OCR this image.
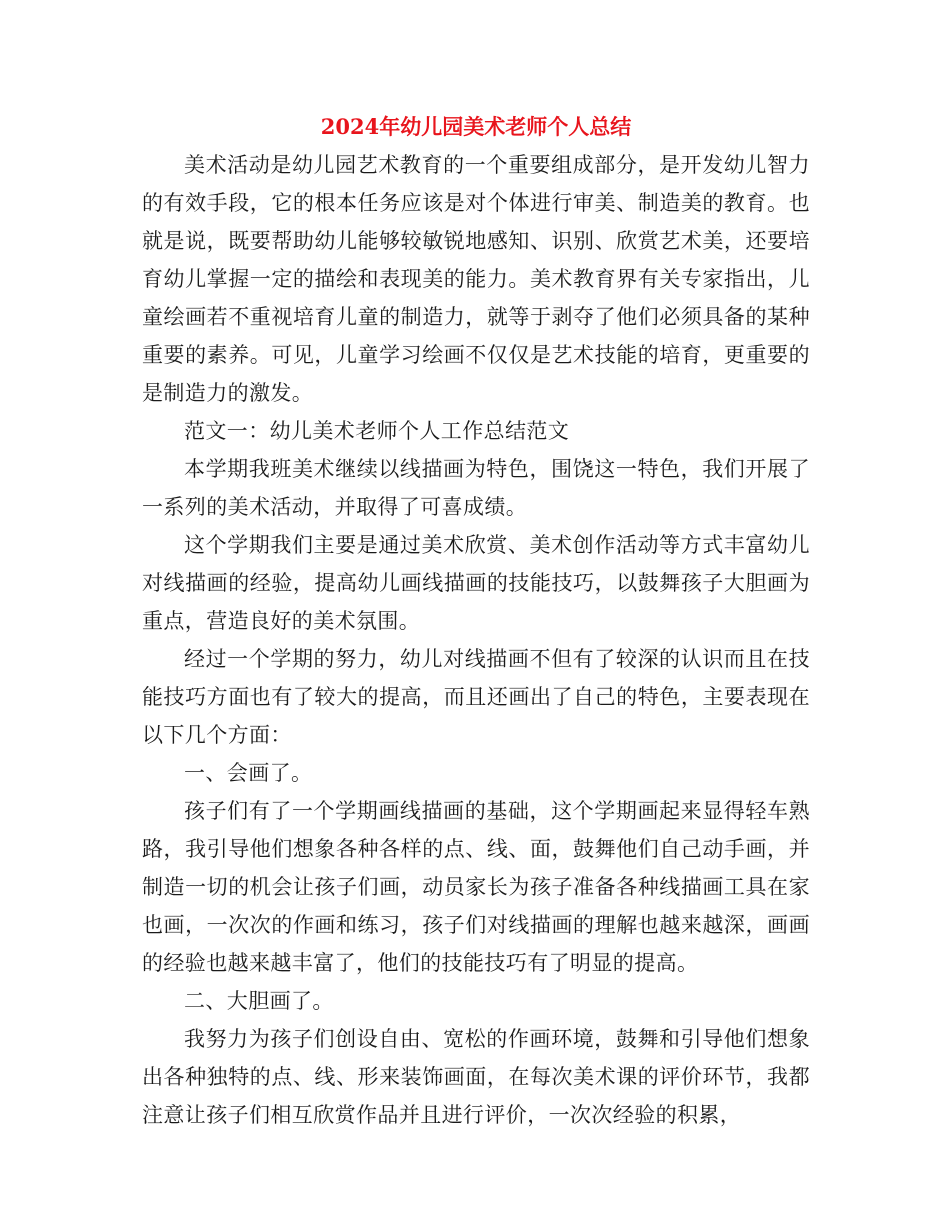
2024年幼儿园美术老师个人总结

美术活动是幼儿园艺术教育的一个重要组成部分，是开发幼儿智力的有效手段，它的根本任务应该是对个体进行审美、制造美的教育。也就是说，既要帮助幼儿能够较敏锐地感知、识别、欣赏艺术美，还要培育幼儿掌握一定的描绘和表现美的能力。美术教育界有关专家指出，儿童绘画若不重视培育儿童的制造力，就等于剥夺了他们必须具备的某种重要的素养。可见，儿童学习绘画不仅仅是艺术技能的培育，更重要的是制造力的激发。

范文一：幼儿美术老师个人工作总结范文

本学期我班美术继续以线描画为特色，围饶这一特色，我们开展了一系列的美术活动，并取得了可喜成绩。

这个学期我们主要是通过美术欣赏、美术创作活动等方式丰富幼儿对线描画的经验，提高幼儿画线描画的技能技巧，以鼓舞孩子大胆画为重点，营造良好的美术氛围。

经过一个学期的努力，幼儿对线描画不但有了较深的认识而且在技能技巧方面也有了较大的提高，而且还画出了自己的特色，主要表现在以下几个方面：

一、会画了。

孩子们有了一个学期画线描画的基础，这个学期画起来显得轻车熟路，我引导他们想象各种各样的点、线、面，鼓舞他们自己动手画，并制造一切的机会让孩子们画，动员家长为孩子准备各种线描画工具在家也画，一次次的作画和练习，孩子们对线描画的理解也越来越深，画画的经验也越来越丰富了，他们的技能技巧有了明显的提高。

二、大胆画了。

我努力为孩子们创设自由、宽松的作画环境，鼓舞和引导他们想象出各种独特的点、线、形来装饰画面，在每次美术课的评价环节，我都注意让孩子们相互欣赏作品并且进行评价，一次次经验的积累，
